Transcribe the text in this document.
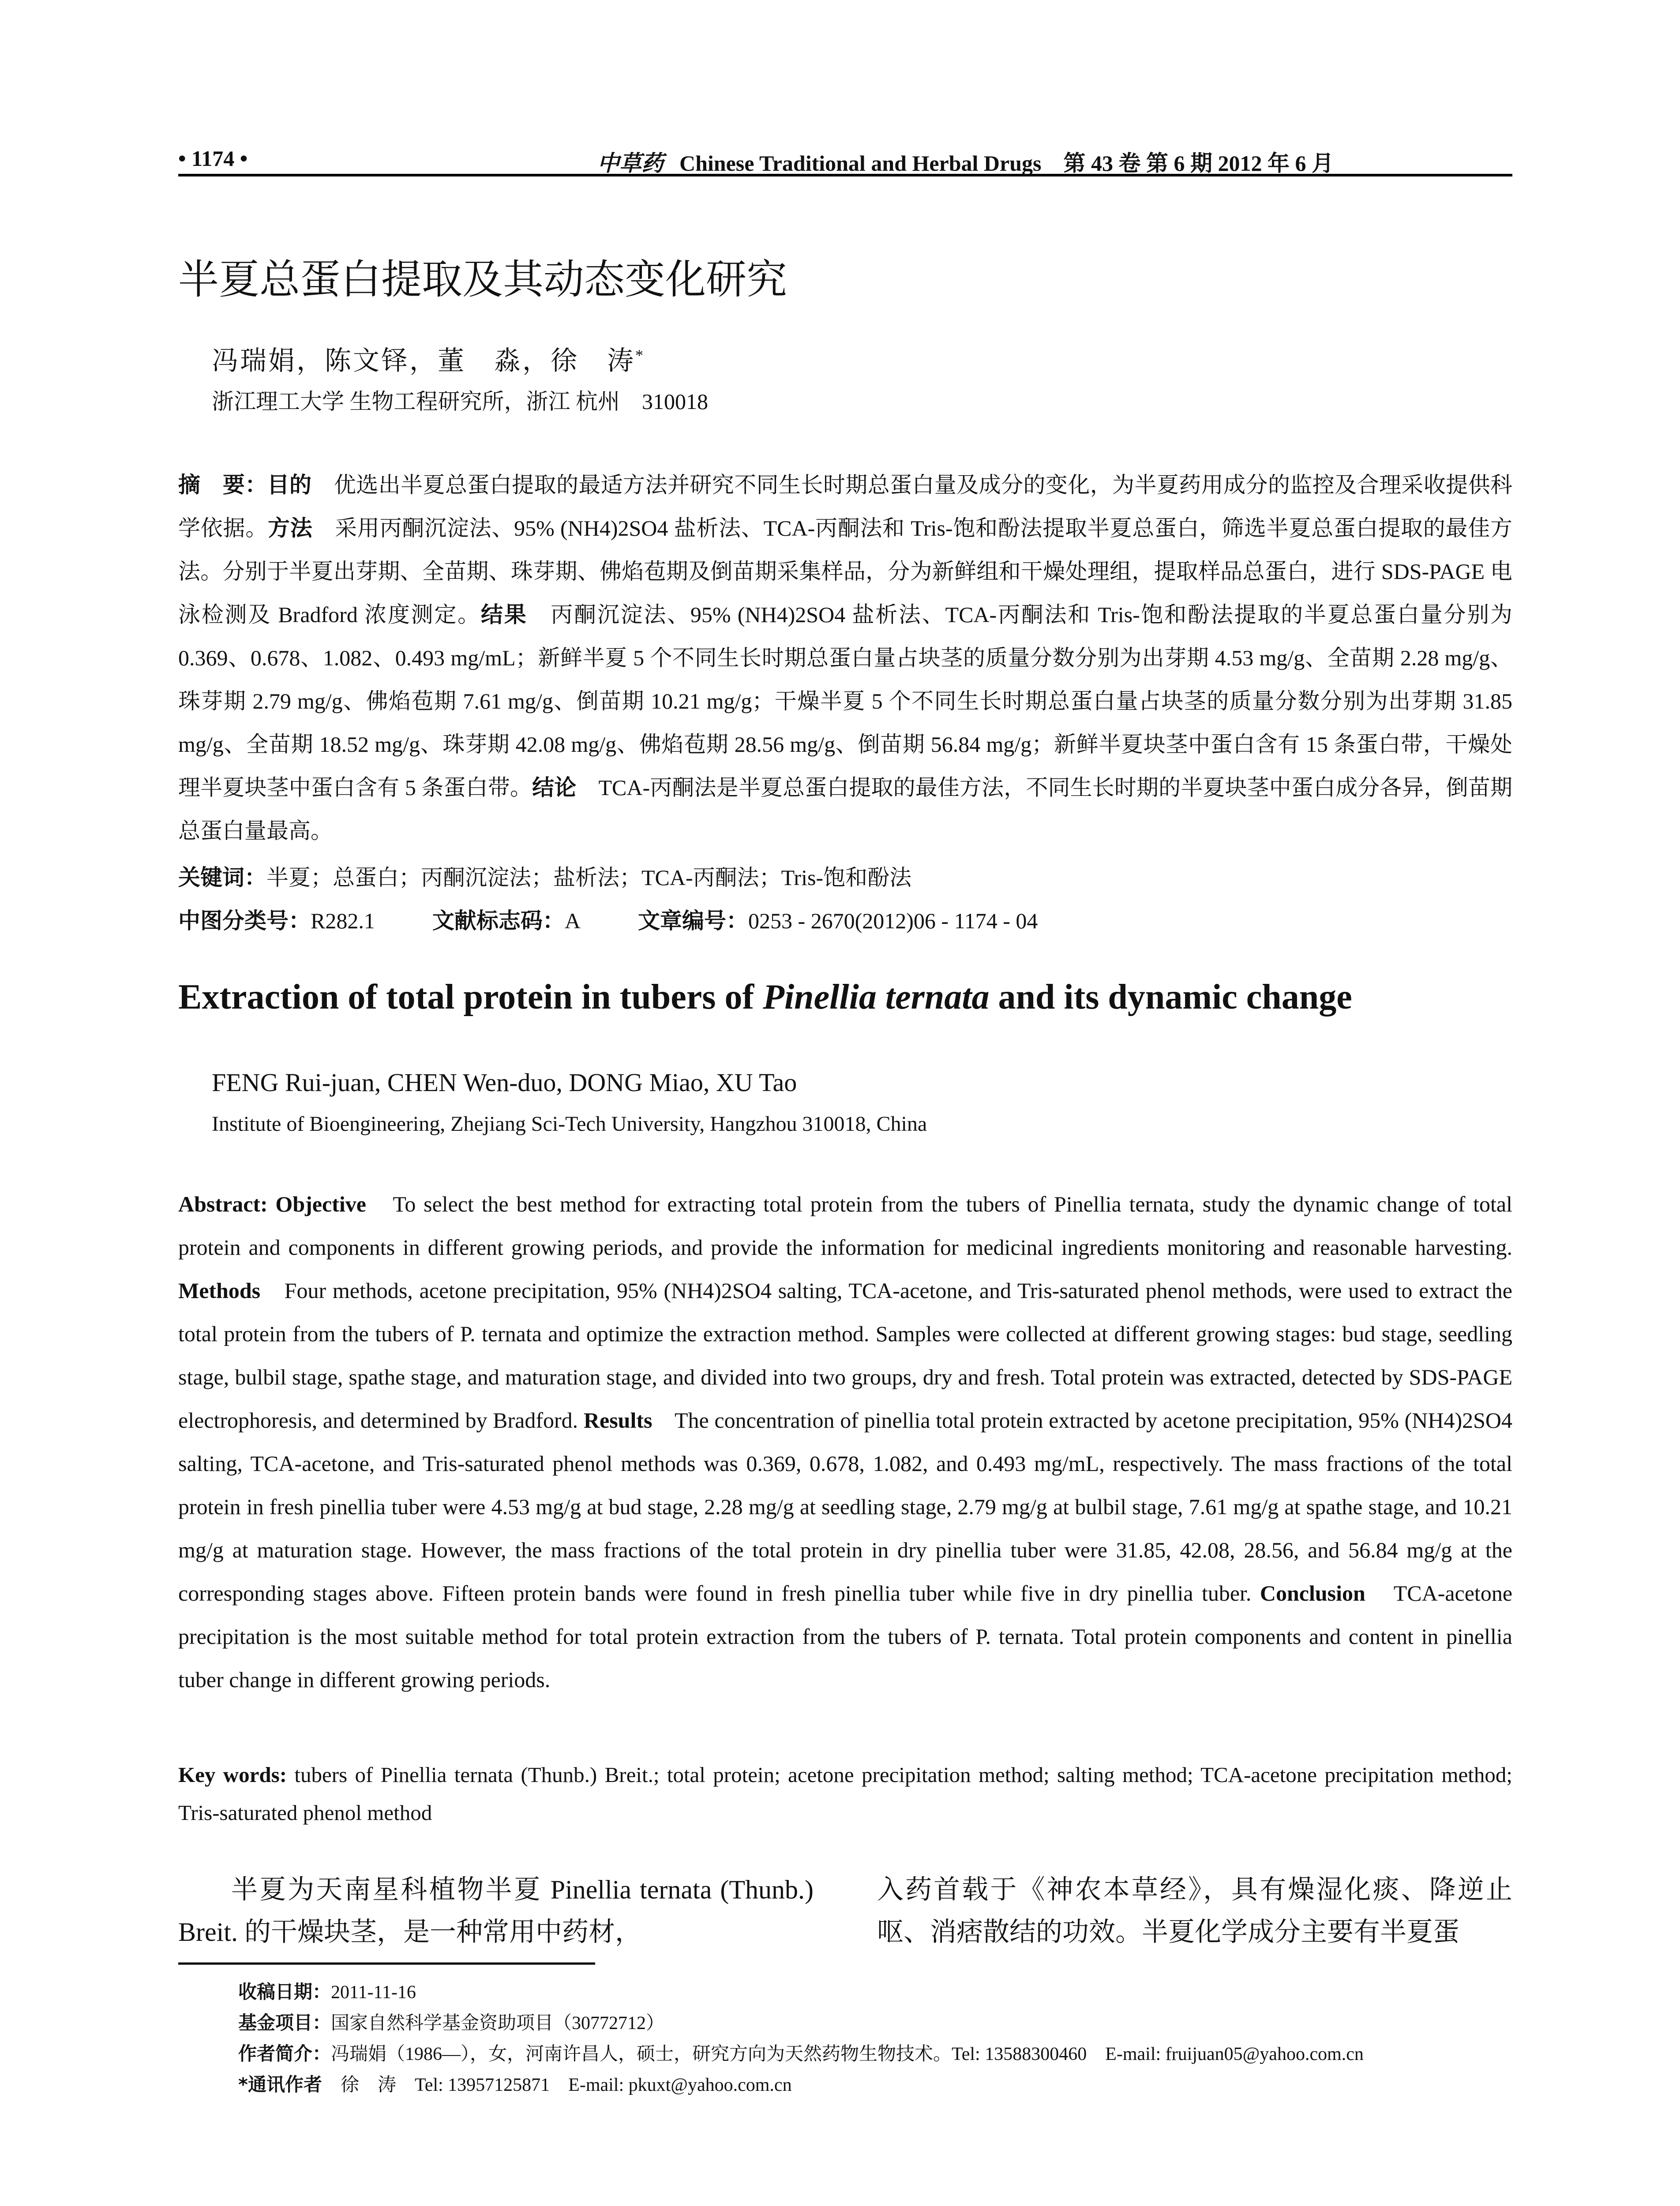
• 1174 •	中草药 Chinese Traditional and Herbal Drugs　第 43 卷 第 6 期 2012 年 6 月
半夏总蛋白提取及其动态变化研究
冯瑞娟，陈文铎，董　淼，徐　涛*
浙江理工大学 生物工程研究所，浙江 杭州　310018
摘　要：目的　优选出半夏总蛋白提取的最适方法并研究不同生长时期总蛋白量及成分的变化，为半夏药用成分的监控及合理采收提供科学依据。方法　采用丙酮沉淀法、95% (NH4)2SO4 盐析法、TCA-丙酮法和 Tris-饱和酚法提取半夏总蛋白，筛选半夏总蛋白提取的最佳方法。分别于半夏出芽期、全苗期、珠芽期、佛焰苞期及倒苗期采集样品，分为新鲜组和干燥处理组，提取样品总蛋白，进行 SDS-PAGE 电泳检测及 Bradford 浓度测定。结果　丙酮沉淀法、95% (NH4)2SO4 盐析法、TCA-丙酮法和 Tris-饱和酚法提取的半夏总蛋白量分别为 0.369、0.678、1.082、0.493 mg/mL；新鲜半夏 5 个不同生长时期总蛋白量占块茎的质量分数分别为出芽期 4.53 mg/g、全苗期 2.28 mg/g、珠芽期 2.79 mg/g、佛焰苞期 7.61 mg/g、倒苗期 10.21 mg/g；干燥半夏 5 个不同生长时期总蛋白量占块茎的质量分数分别为出芽期 31.85 mg/g、全苗期 18.52 mg/g、珠芽期 42.08 mg/g、佛焰苞期 28.56 mg/g、倒苗期 56.84 mg/g；新鲜半夏块茎中蛋白含有 15 条蛋白带，干燥处理半夏块茎中蛋白含有 5 条蛋白带。结论　TCA-丙酮法是半夏总蛋白提取的最佳方法，不同生长时期的半夏块茎中蛋白成分各异，倒苗期总蛋白量最高。
关键词：半夏；总蛋白；丙酮沉淀法；盐析法；TCA-丙酮法；Tris-饱和酚法
中图分类号：R282.1	文献标志码：A	文章编号：0253 - 2670(2012)06 - 1174 - 04
Extraction of total protein in tubers of Pinellia ternata and its dynamic change
FENG Rui-juan, CHEN Wen-duo, DONG Miao, XU Tao
Institute of Bioengineering, Zhejiang Sci-Tech University, Hangzhou 310018, China
Abstract: Objective　To select the best method for extracting total protein from the tubers of Pinellia ternata, study the dynamic change of total protein and components in different growing periods, and provide the information for medicinal ingredients monitoring and reasonable harvesting. Methods　Four methods, acetone precipitation, 95% (NH4)2SO4 salting, TCA-acetone, and Tris-saturated phenol methods, were used to extract the total protein from the tubers of P. ternata and optimize the extraction method. Samples were collected at different growing stages: bud stage, seedling stage, bulbil stage, spathe stage, and maturation stage, and divided into two groups, dry and fresh. Total protein was extracted, detected by SDS-PAGE electrophoresis, and determined by Bradford. Results　The concentration of pinellia total protein extracted by acetone precipitation, 95% (NH4)2SO4 salting, TCA-acetone, and Tris-saturated phenol methods was 0.369, 0.678, 1.082, and 0.493 mg/mL, respectively. The mass fractions of the total protein in fresh pinellia tuber were 4.53 mg/g at bud stage, 2.28 mg/g at seedling stage, 2.79 mg/g at bulbil stage, 7.61 mg/g at spathe stage, and 10.21 mg/g at maturation stage. However, the mass fractions of the total protein in dry pinellia tuber were 31.85, 42.08, 28.56, and 56.84 mg/g at the corresponding stages above. Fifteen protein bands were found in fresh pinellia tuber while five in dry pinellia tuber. Conclusion　TCA-acetone precipitation is the most suitable method for total protein extraction from the tubers of P. ternata. Total protein components and content in pinellia tuber change in different growing periods.
Key words: tubers of Pinellia ternata (Thunb.) Breit.; total protein; acetone precipitation method; salting method; TCA-acetone precipitation method; Tris-saturated phenol method
半夏为天南星科植物半夏 Pinellia ternata (Thunb.) Breit. 的干燥块茎，是一种常用中药材，
入药首载于《神农本草经》，具有燥湿化痰、降逆止呕、消痞散结的功效。半夏化学成分主要有半夏蛋
收稿日期：2011-11-16
基金项目：国家自然科学基金资助项目（30772712）
作者简介：冯瑞娟（1986—），女，河南许昌人，硕士，研究方向为天然药物生物技术。Tel: 13588300460　E-mail: fruijuan05@yahoo.com.cn
*通讯作者　徐　涛　Tel: 13957125871　E-mail: pkuxt@yahoo.com.cn
